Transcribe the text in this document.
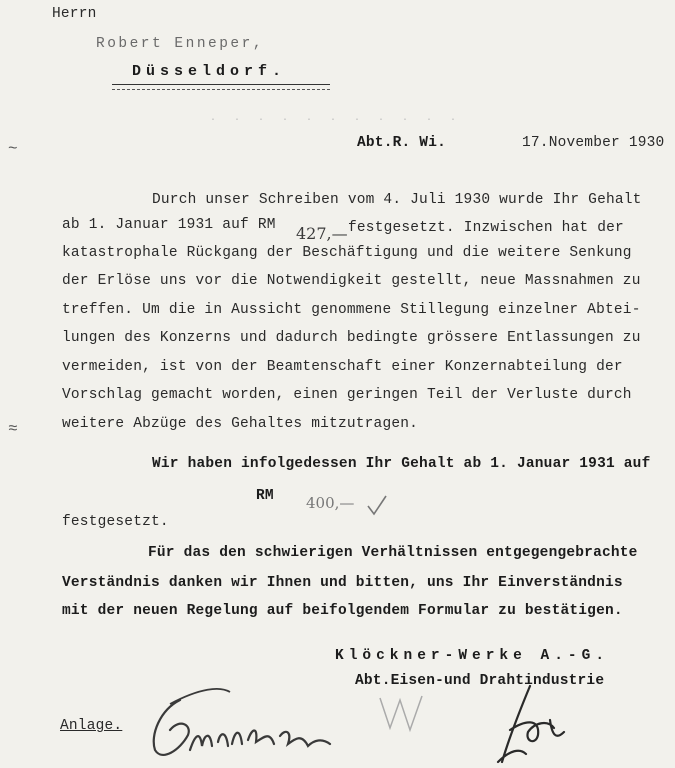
Herrn
Robert Enneper,
Düsseldorf.
. . . . . . . . . . .
Abt.R. Wi.	17.November 1930
~
Durch unser Schreiben vom 4. Juli 1930 wurde Ihr Gehalt
ab 1. Januar 1931 auf RM 427,— festgesetzt. Inzwischen hat der
katastrophale Rückgang der Beschäftigung und die weitere Senkung
der Erlöse uns vor die Notwendigkeit gestellt, neue Massnahmen zu
treffen. Um die in Aussicht genommene Stillegung einzelner Abtei-
lungen des Konzerns und dadurch bedingte grössere Entlassungen zu
vermeiden, ist von der Beamtenschaft einer Konzernabteilung der
Vorschlag gemacht worden, einen geringen Teil der Verluste durch
weitere Abzüge des Gehaltes mitzutragen.
≈
Wir haben infolgedessen Ihr Gehalt ab 1. Januar 1931 auf
RM 400,—
festgesetzt.
Für das den schwierigen Verhältnissen entgegengebrachte
Verständnis danken wir Ihnen und bitten, uns Ihr Einverständnis
mit der neuen Regelung auf beifolgendem Formular zu bestätigen.
Klöckner-Werke A.-G.
Abt.Eisen-und Drahtindustrie
Anlage.
